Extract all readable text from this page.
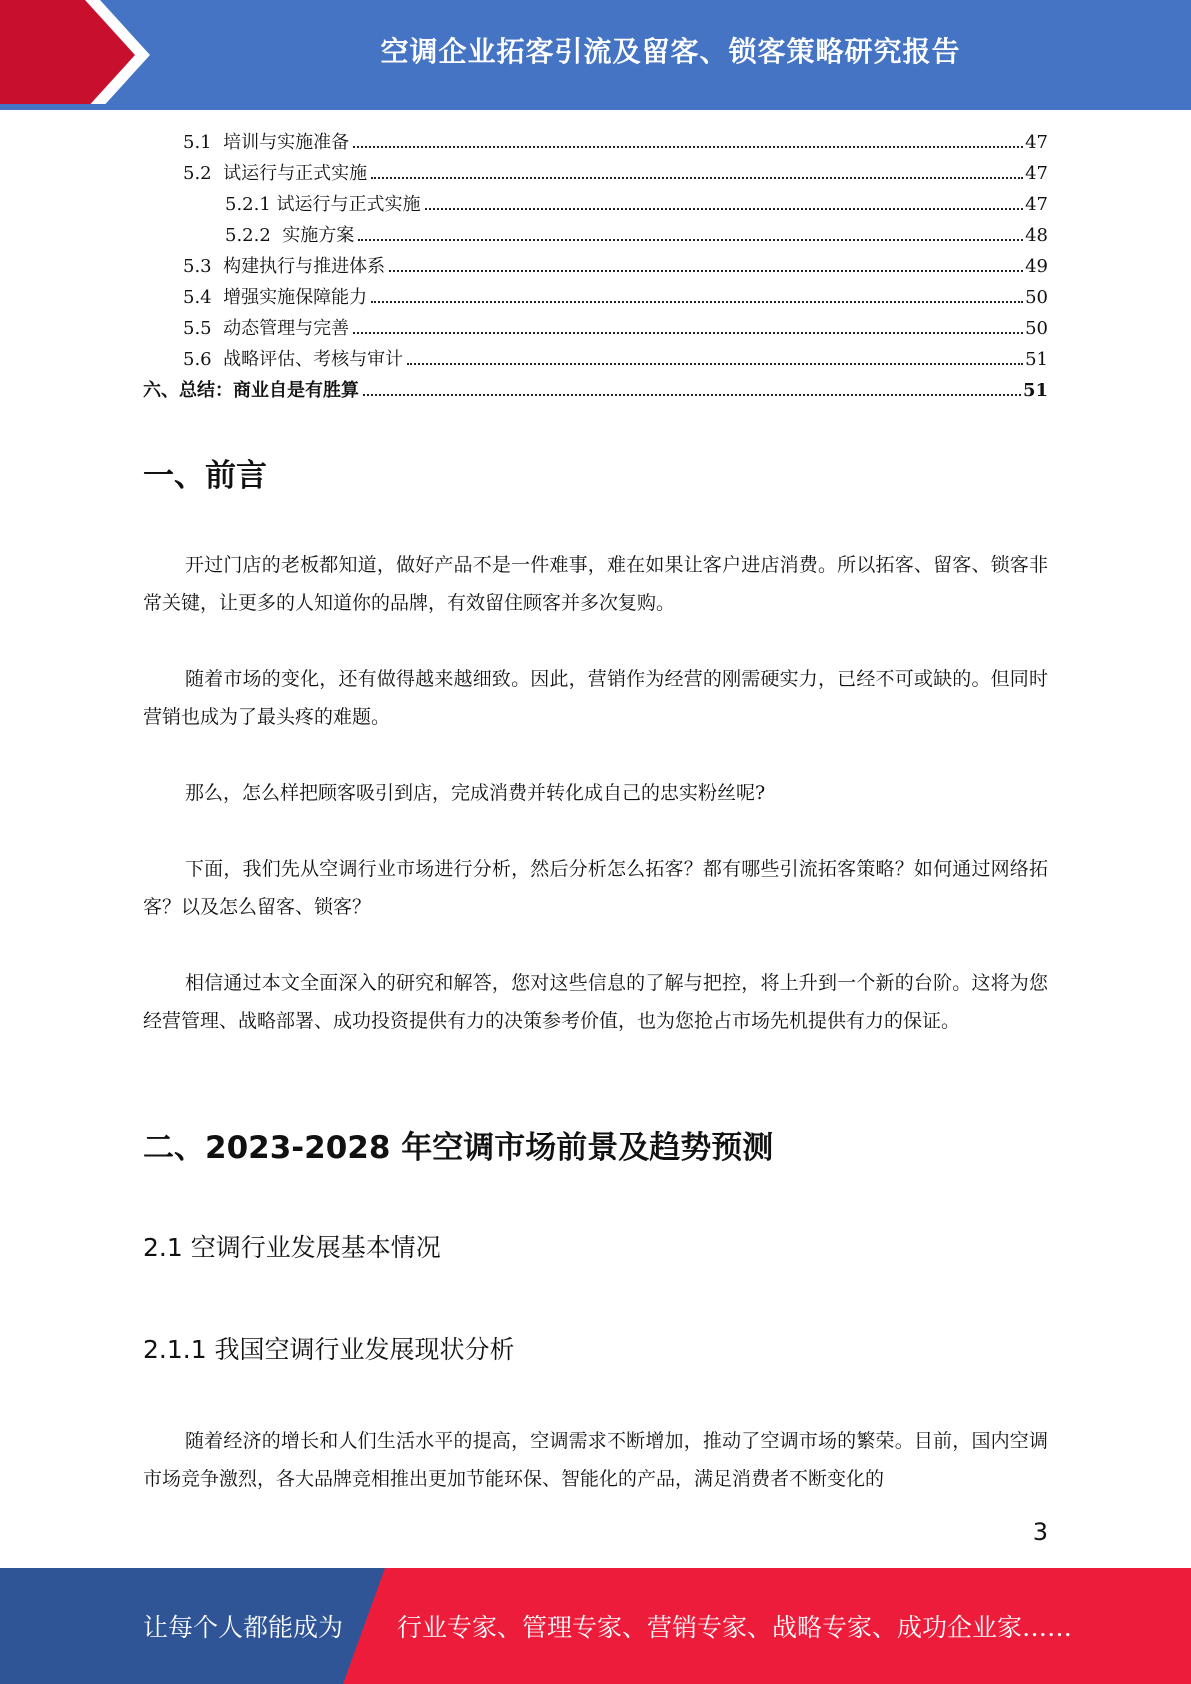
空调企业拓客引流及留客、锁客策略研究报告
5.1 培训与实施准备	47
5.2 试运行与正式实施	47
5.2.1 试运行与正式实施	47
5.2.2 实施方案	48
5.3 构建执行与推进体系	49
5.4 增强实施保障能力	50
5.5 动态管理与完善	50
5.6 战略评估、考核与审计	51
六、总结：商业自是有胜算	51
一、前言

开过门店的老板都知道，做好产品不是一件难事，难在如果让客户进店消费。所以拓客、留客、锁客非常关键，让更多的人知道你的品牌，有效留住顾客并多次复购。

随着市场的变化，还有做得越来越细致。因此，营销作为经营的刚需硬实力，已经不可或缺的。但同时营销也成为了最头疼的难题。

那么，怎么样把顾客吸引到店，完成消费并转化成自己的忠实粉丝呢?

下面，我们先从空调行业市场进行分析，然后分析怎么拓客？都有哪些引流拓客策略？如何通过网络拓客？以及怎么留客、锁客？

相信通过本文全面深入的研究和解答，您对这些信息的了解与把控，将上升到一个新的台阶。这将为您经营管理、战略部署、成功投资提供有力的决策参考价值，也为您抢占市场先机提供有力的保证。

二、2023-2028 年空调市场前景及趋势预测
2.1 空调行业发展基本情况
2.1.1 我国空调行业发展现状分析

随着经济的增长和人们生活水平的提高，空调需求不断增加，推动了空调市场的繁荣。目前，国内空调市场竞争激烈，各大品牌竞相推出更加节能环保、智能化的产品，满足消费者不断变化的

3
让每个人都能成为 行业专家、管理专家、营销专家、战略专家、成功企业家……
